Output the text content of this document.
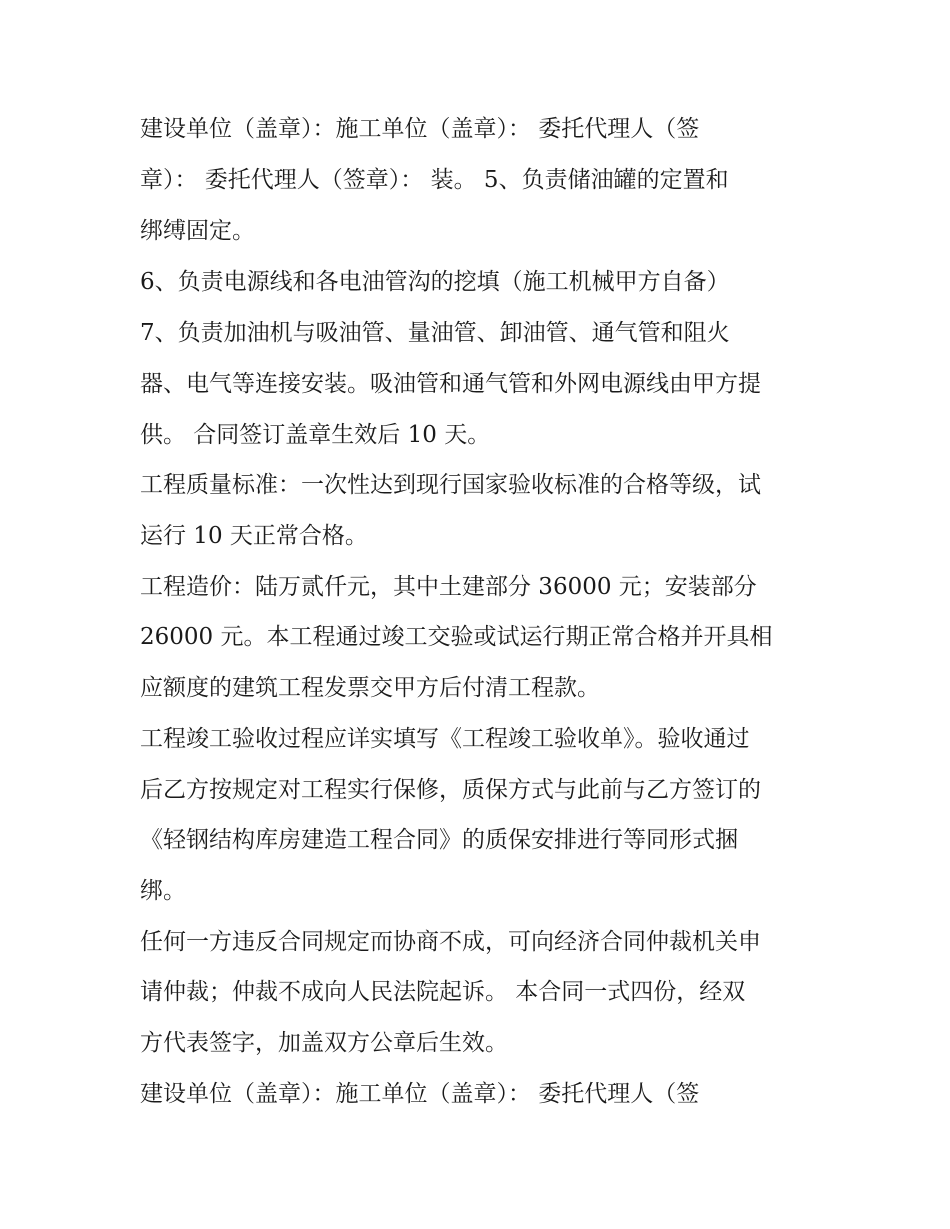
建设单位（盖章）：施工单位（盖章）： 委托代理人（签
章）： 委托代理人（签章）： 装。 5、负责储油罐的定置和
绑缚固定。
6、负责电源线和各电油管沟的挖填（施工机械甲方自备）
7、负责加油机与吸油管、量油管、卸油管、通气管和阻火
器、电气等连接安装。吸油管和通气管和外网电源线由甲方提
供。 合同签订盖章生效后 10 天。
工程质量标准：一次性达到现行国家验收标准的合格等级，试
运行 10 天正常合格。
工程造价：陆万贰仟元，其中土建部分 36000 元；安装部分
26000 元。本工程通过竣工交验或试运行期正常合格并开具相
应额度的建筑工程发票交甲方后付清工程款。
工程竣工验收过程应详实填写《工程竣工验收单》。验收通过
后乙方按规定对工程实行保修，质保方式与此前与乙方签订的
《轻钢结构库房建造工程合同》的质保安排进行等同形式捆
绑。
任何一方违反合同规定而协商不成，可向经济合同仲裁机关申
请仲裁；仲裁不成向人民法院起诉。 本合同一式四份，经双
方代表签字，加盖双方公章后生效。
建设单位（盖章）：施工单位（盖章）： 委托代理人（签
